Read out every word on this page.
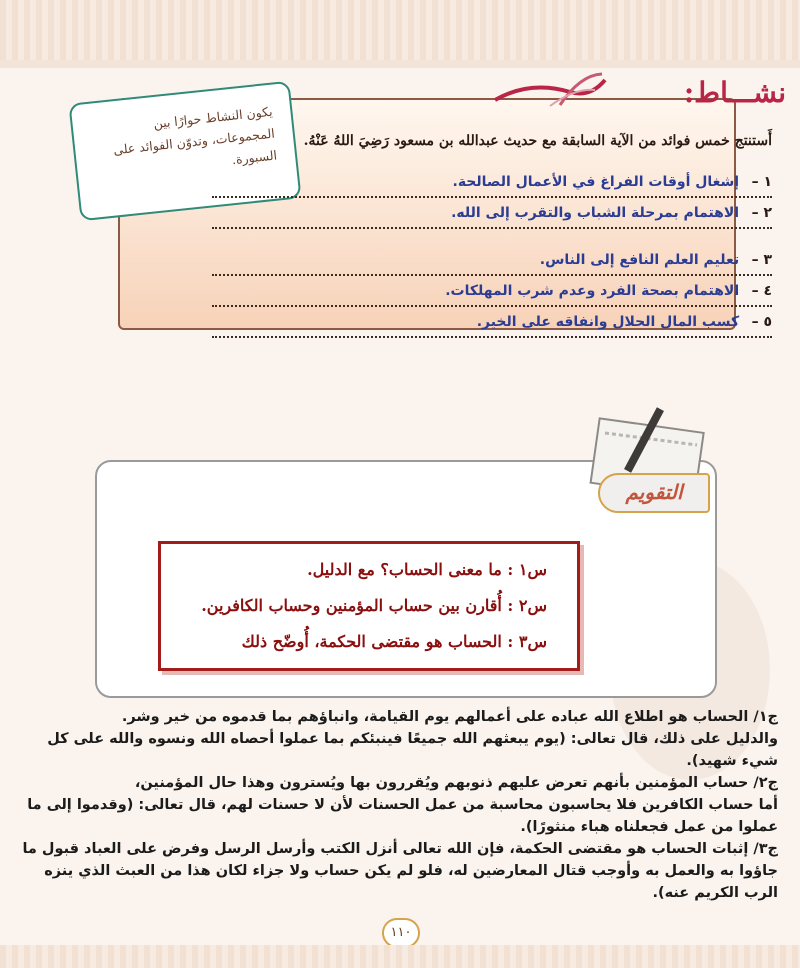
نشـــاط:
يكون النشاط حوارًا بين المجموعات، وتدوّن الفوائد على السبورة.
أَستنتج خمس فوائد من الآية السابقة مع حديث عبدالله بن مسعود رَضِيَ اللهُ عَنْهُ.
١ – إشغال أوقات الفراغ في الأعمال الصالحة.
٢ – الاهتمام بمرحلة الشباب والتقرب إلى الله.
٣ – تعليم العلم النافع إلى الناس.
٤ – الاهتمام بصحة الفرد وعدم شرب المهلكات.
٥ – كسب المال الحلال وانفاقه على الخير.
التقويم
س١ : ما معنى الحساب؟ مع الدليل.
س٢ : أُقارن بين حساب المؤمنين وحساب الكافرين.
س٣ : الحساب هو مقتضى الحكمة، أُوضّح ذلك

ج١/ الحساب هو اطلاع الله عباده على أعمالهم يوم القيامة، وانباؤهم بما قدموه من خير وشر.

والدليل على ذلك، قال تعالى: (يوم يبعثهم الله جميعًا فينبئكم بما عملوا أحصاه الله ونسوه والله على كل شيء شهيد).

ج٢/ حساب المؤمنين بأنهم تعرض عليهم ذنوبهم ويُقررون بها ويُسترون وهذا حال المؤمنين،

أما حساب الكافرين فلا يحاسبون محاسبة من عمل الحسنات لأن لا حسنات لهم، قال تعالى: (وقدموا إلى ما عملوا من عمل فجعلناه هباء منثورًا).

ج٣/ إثبات الحساب هو مقتضى الحكمة، فإن الله تعالى أنزل الكتب وأرسل الرسل وفرض على العباد قبول ما جاؤوا به والعمل به وأوجب قتال المعارضين له، فلو لم يكن حساب ولا جزاء لكان هذا من العبث الذي ينزه الرب الكريم عنه).

١١٠
